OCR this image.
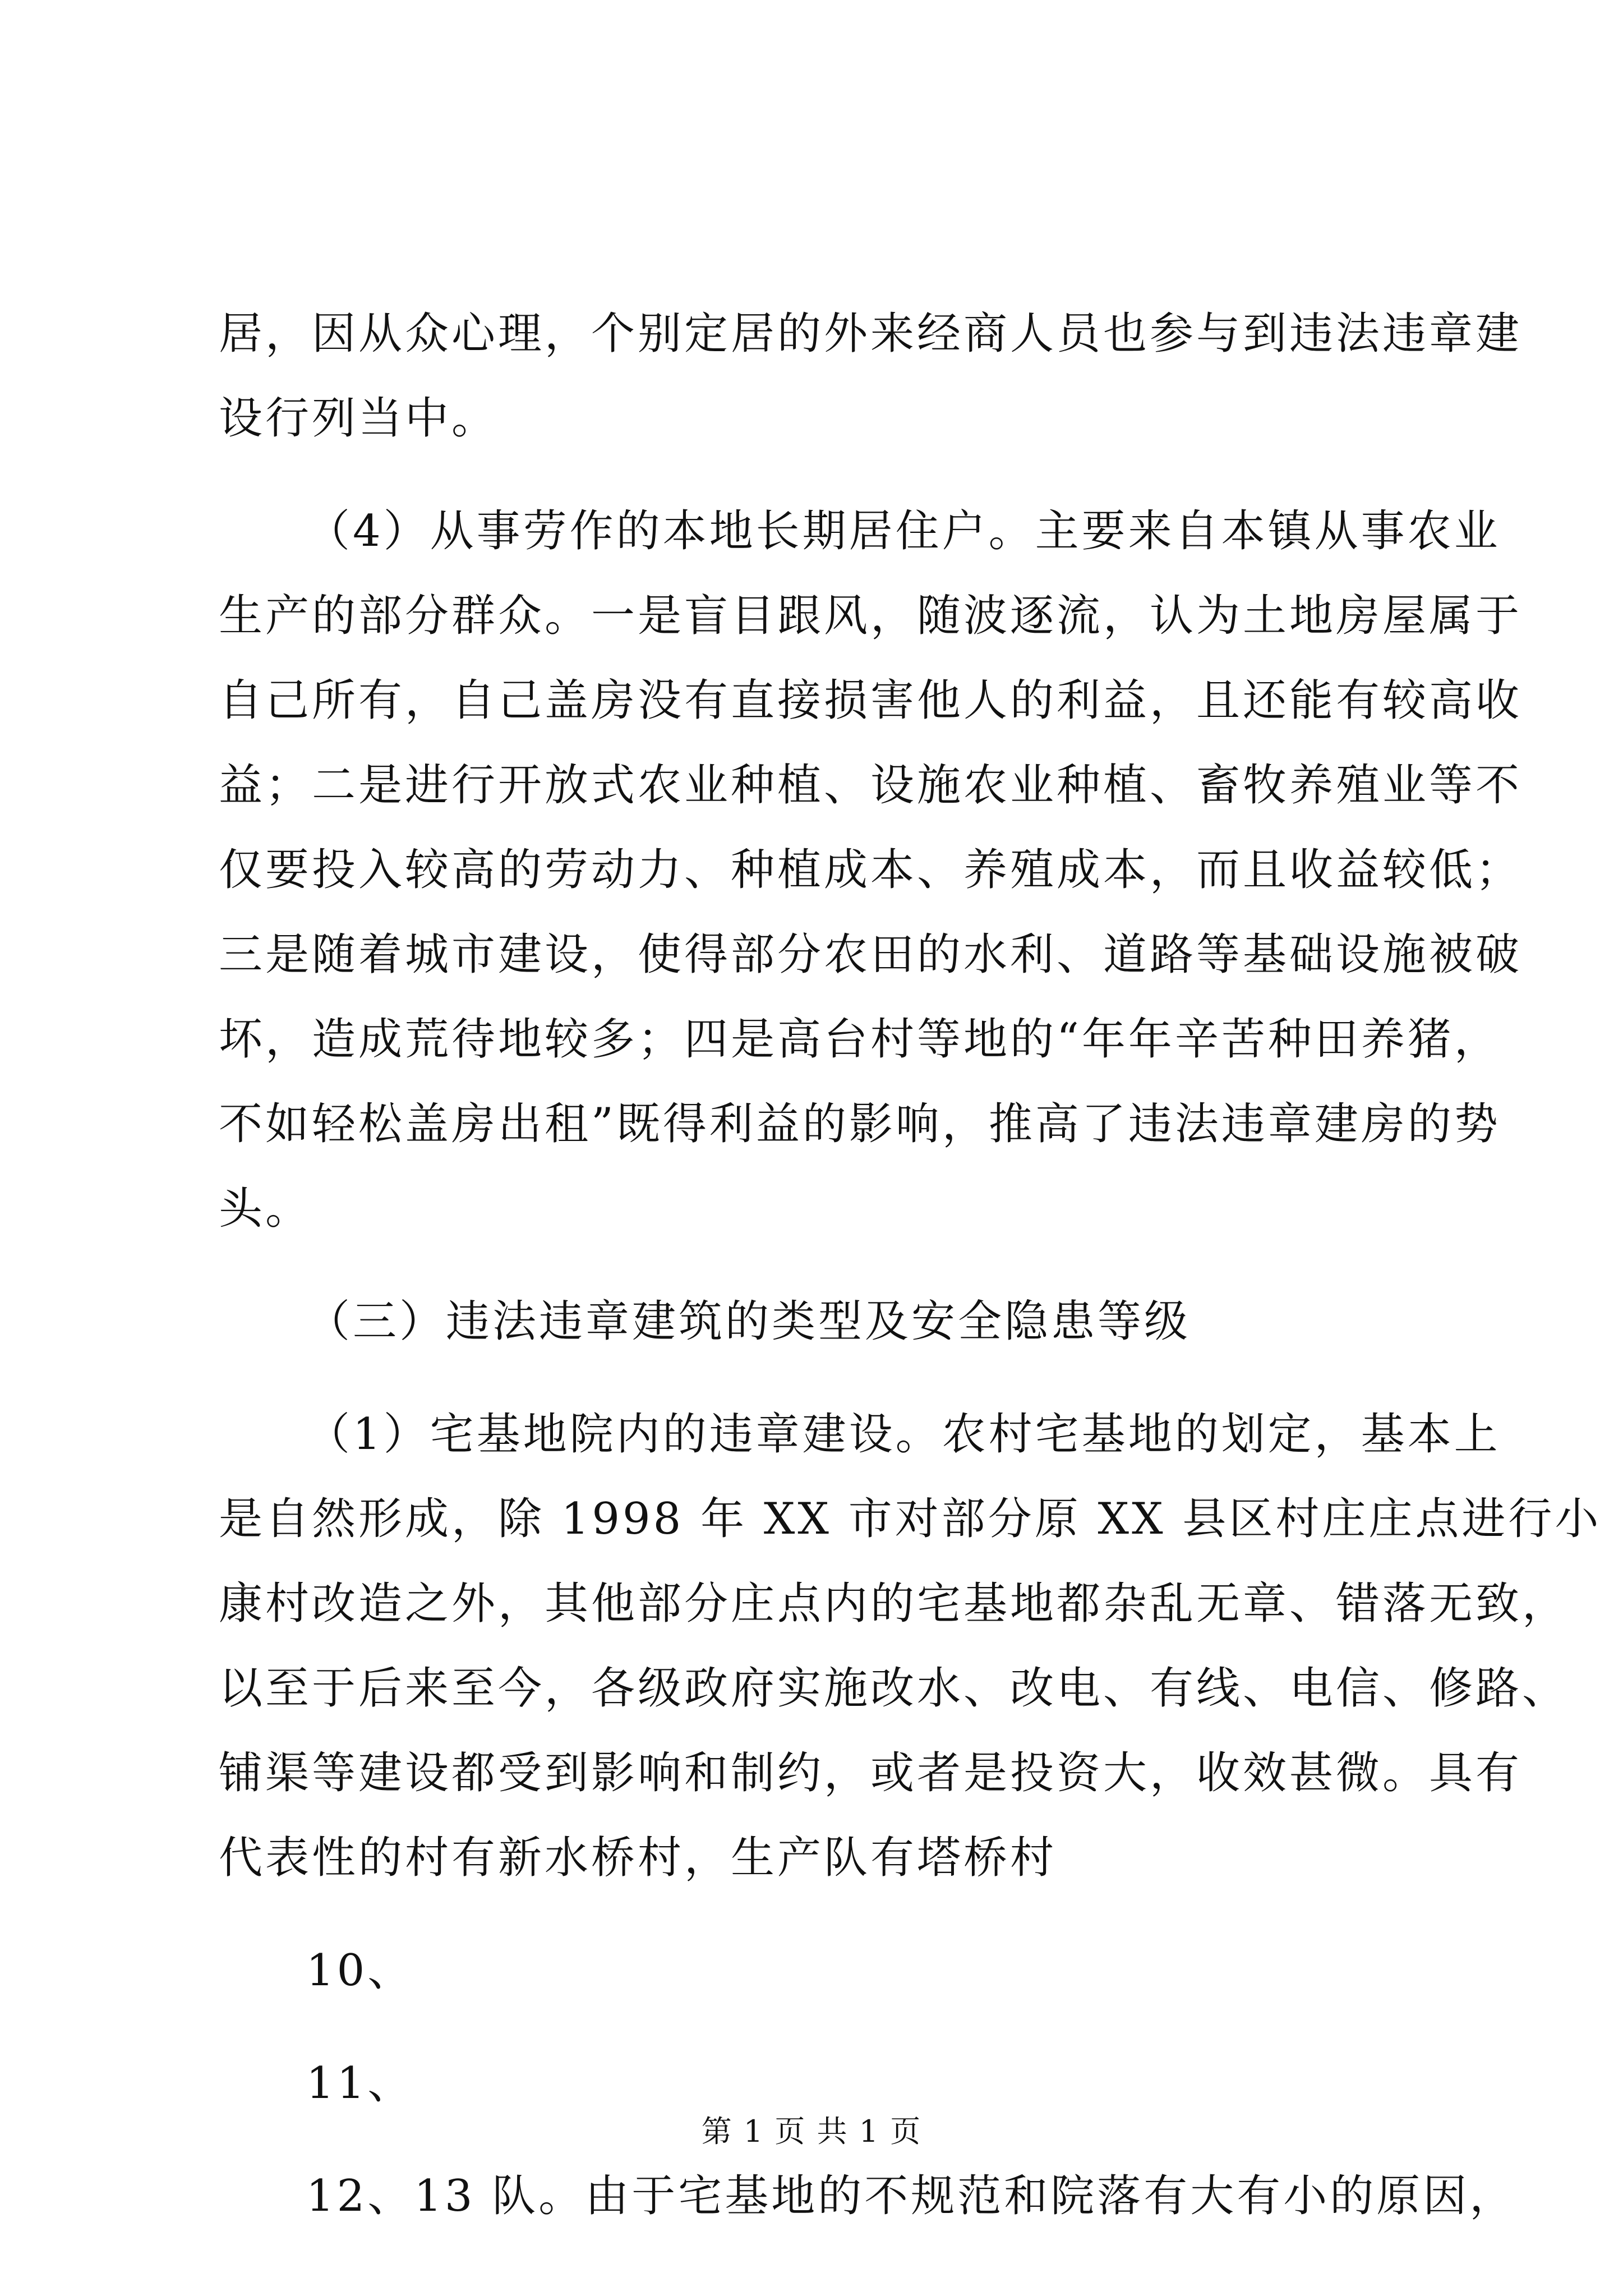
居，因从众心理，个别定居的外来经商人员也参与到违法违章建
设行列当中。
（4）从事劳作的本地长期居住户。主要来自本镇从事农业
生产的部分群众。一是盲目跟风，随波逐流，认为土地房屋属于
自己所有，自己盖房没有直接损害他人的利益，且还能有较高收
益；二是进行开放式农业种植、设施农业种植、畜牧养殖业等不
仅要投入较高的劳动力、种植成本、养殖成本，而且收益较低；
三是随着城市建设，使得部分农田的水利、道路等基础设施被破
坏，造成荒待地较多；四是高台村等地的“年年辛苦种田养猪，
不如轻松盖房出租”既得利益的影响，推高了违法违章建房的势
头。
（三）违法违章建筑的类型及安全隐患等级
（1）宅基地院内的违章建设。农村宅基地的划定，基本上
是自然形成，除 1998 年 XX 市对部分原 XX 县区村庄庄点进行小
康村改造之外，其他部分庄点内的宅基地都杂乱无章、错落无致，
以至于后来至今，各级政府实施改水、改电、有线、电信、修路、
铺渠等建设都受到影响和制约，或者是投资大，收效甚微。具有
代表性的村有新水桥村，生产队有塔桥村
10、
11、
12、13 队。由于宅基地的不规范和院落有大有小的原因，
第 1 页 共 1 页
